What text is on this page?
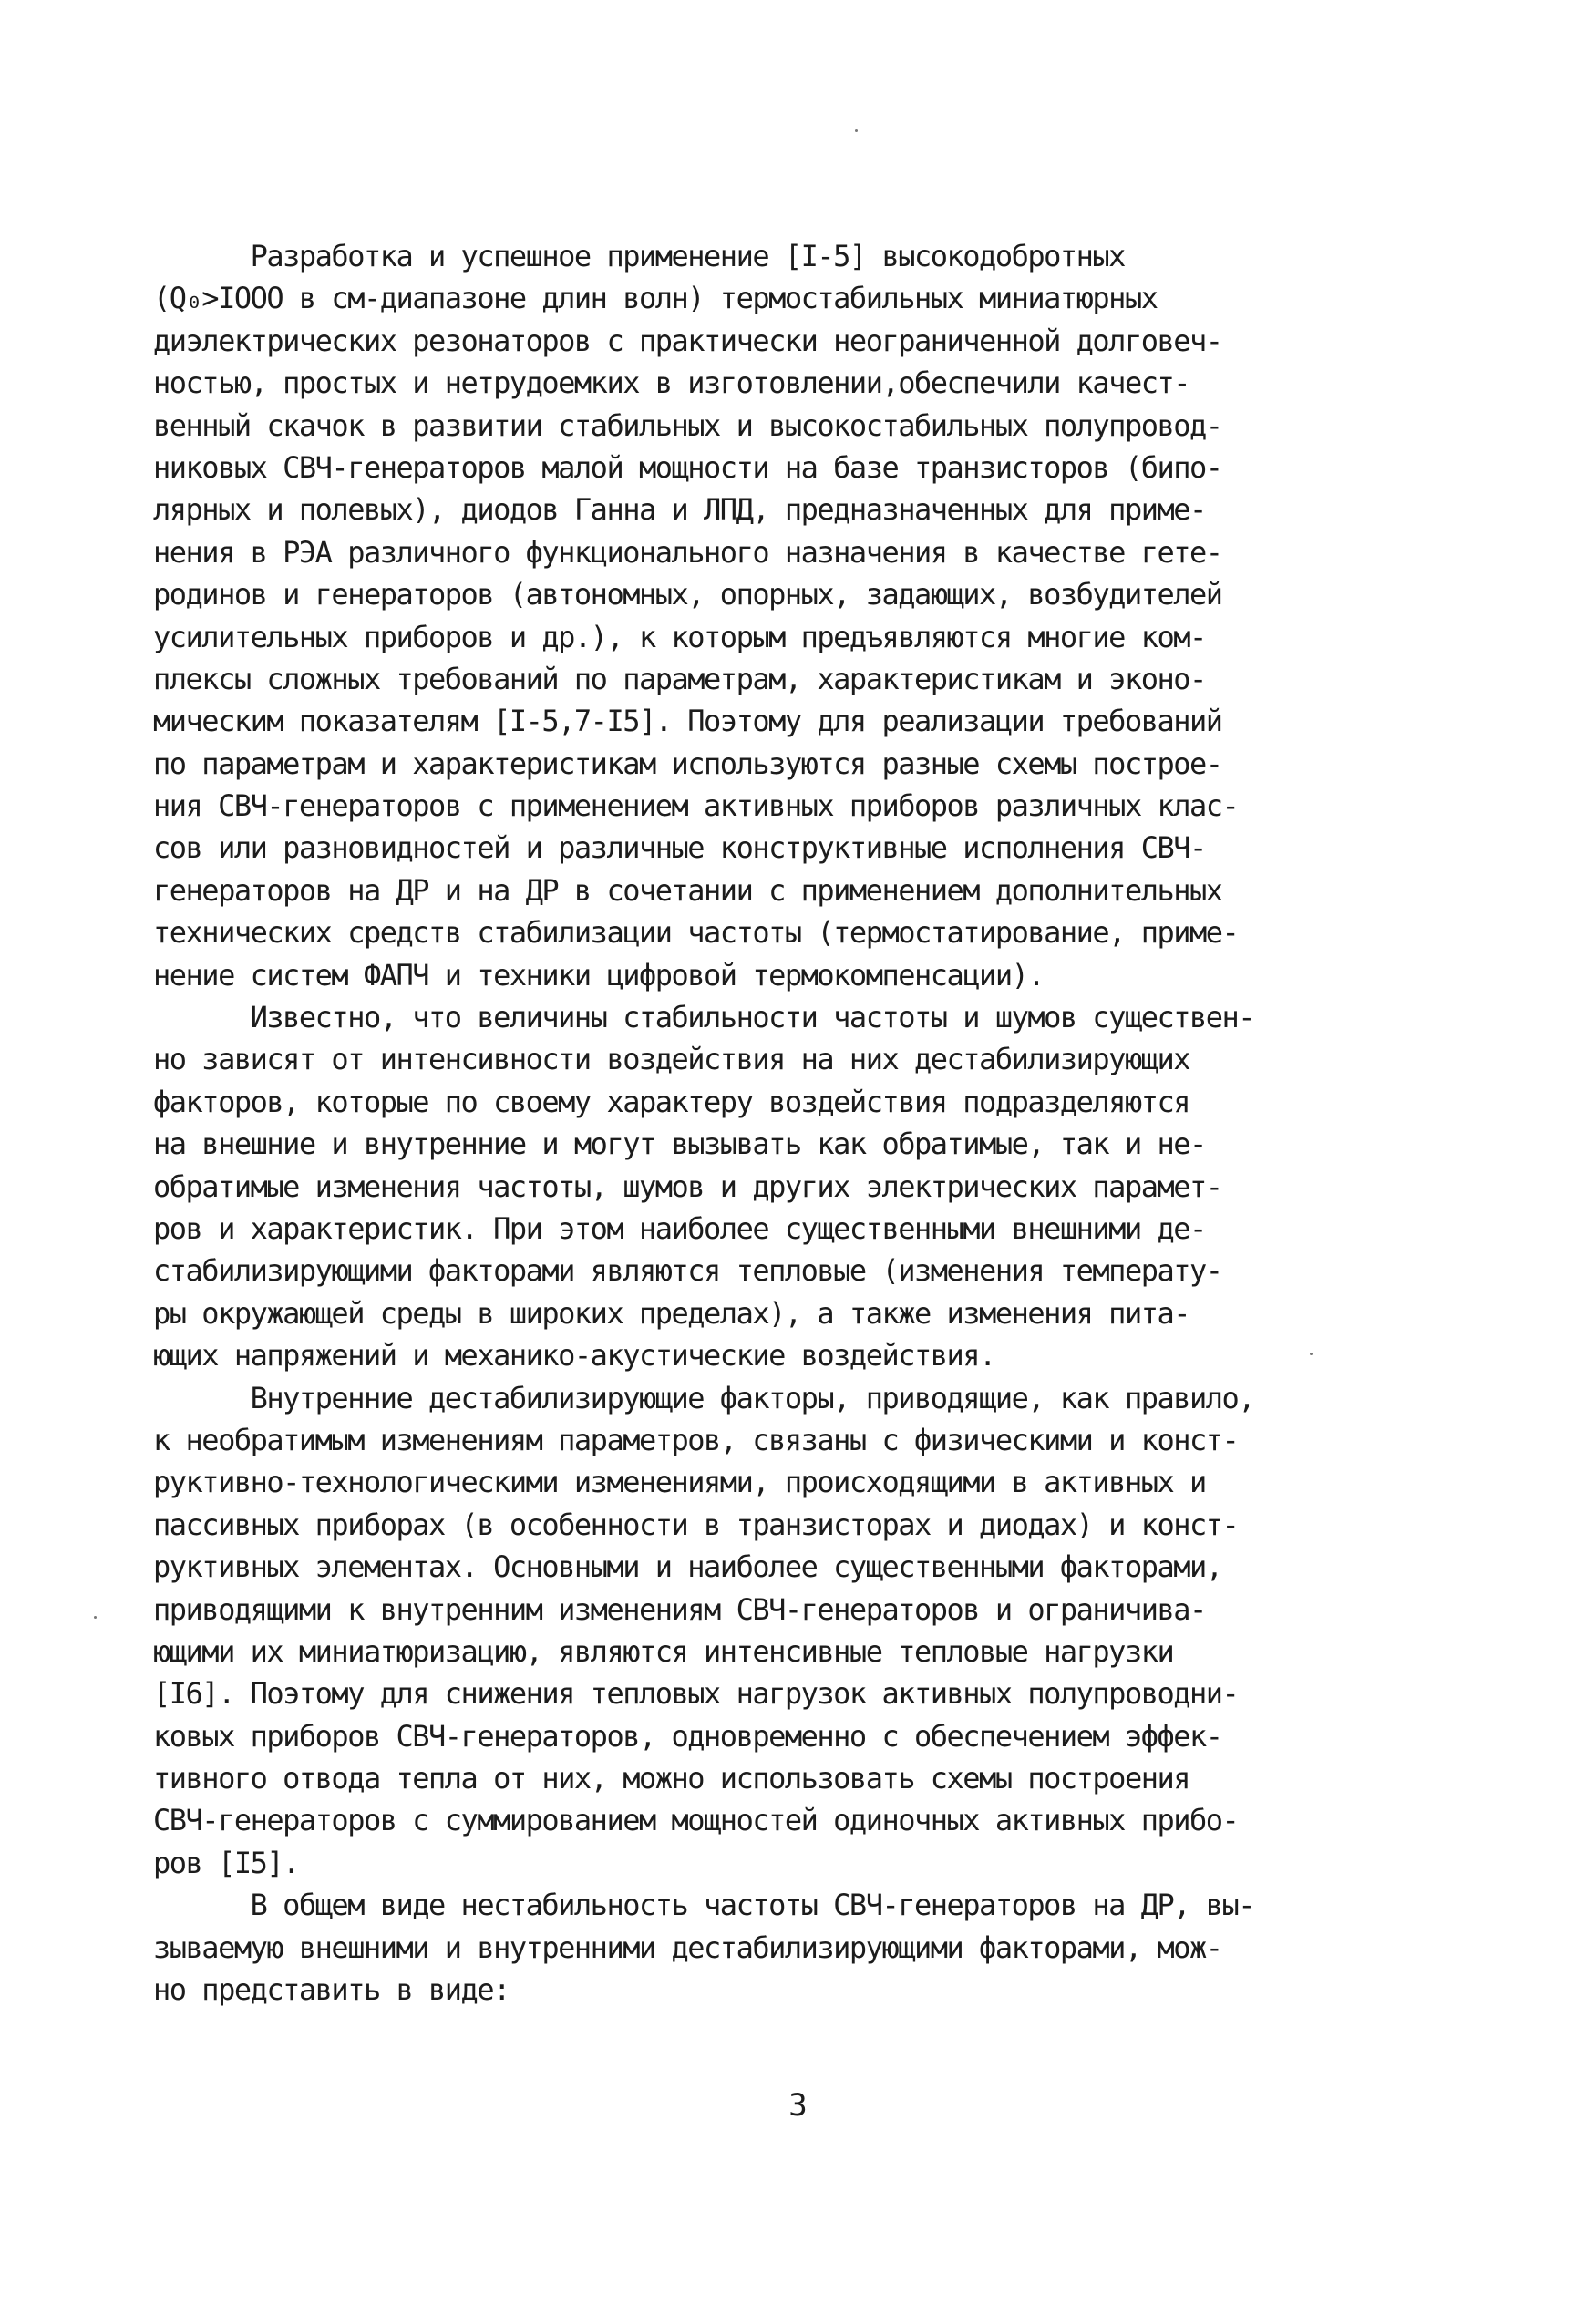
Разработка и успешное применение [I-5] высокодобротных
(Q₀>IOOO в см-диапазоне длин волн) термостабильных миниатюрных
диэлектрических резонаторов с практически неограниченной долговеч-
ностью, простых и нетрудоемких в изготовлении,обеспечили качест-
венный скачок в развитии стабильных и высокостабильных полупровод-
никовых СВЧ-генераторов малой мощности на базе транзисторов (бипо-
лярных и полевых), диодов Ганна и ЛПД, предназначенных для приме-
нения в РЭА различного функционального назначения в качестве гете-
родинов и генераторов (автономных, опорных, задающих, возбудителей
усилительных приборов и др.), к которым предъявляются многие ком-
плексы сложных требований по параметрам, характеристикам и эконо-
мическим показателям [I-5,7-I5]. Поэтому для реализации требований
по параметрам и характеристикам используются разные схемы построе-
ния СВЧ-генераторов с применением активных приборов различных клас-
сов или разновидностей и различные конструктивные исполнения СВЧ-
генераторов на ДР и на ДР в сочетании с применением дополнительных
технических средств стабилизации частоты (термостатирование, приме-
нение систем ФАПЧ и техники цифровой термокомпенсации).
Известно, что величины стабильности частоты и шумов существен-
но зависят от интенсивности воздействия на них дестабилизирующих
факторов, которые по своему характеру воздействия подразделяются
на внешние и внутренние и могут вызывать как обратимые, так и не-
обратимые изменения частоты, шумов и других электрических парамет-
ров и характеристик. При этом наиболее существенными внешними де-
стабилизирующими факторами являются тепловые (изменения температу-
ры окружающей среды в широких пределах), а также изменения пита-
ющих напряжений и механико-акустические воздействия.
Внутренние дестабилизирующие факторы, приводящие, как правило,
к необратимым изменениям параметров, связаны с физическими и конст-
руктивно-технологическими изменениями, происходящими в активных и
пассивных приборах (в особенности в транзисторах и диодах) и конст-
руктивных элементах. Основными и наиболее существенными факторами,
приводящими к внутренним изменениям СВЧ-генераторов и ограничива-
ющими их миниатюризацию, являются интенсивные тепловые нагрузки
[I6]. Поэтому для снижения тепловых нагрузок активных полупроводни-
ковых приборов СВЧ-генераторов, одновременно с обеспечением эффек-
тивного отвода тепла от них, можно использовать схемы построения
СВЧ-генераторов с суммированием мощностей одиночных активных прибо-
ров [I5].
В общем виде нестабильность частоты СВЧ-генераторов на ДР, вы-
зываемую внешними и внутренними дестабилизирующими факторами, мож-
но представить в виде:
3
